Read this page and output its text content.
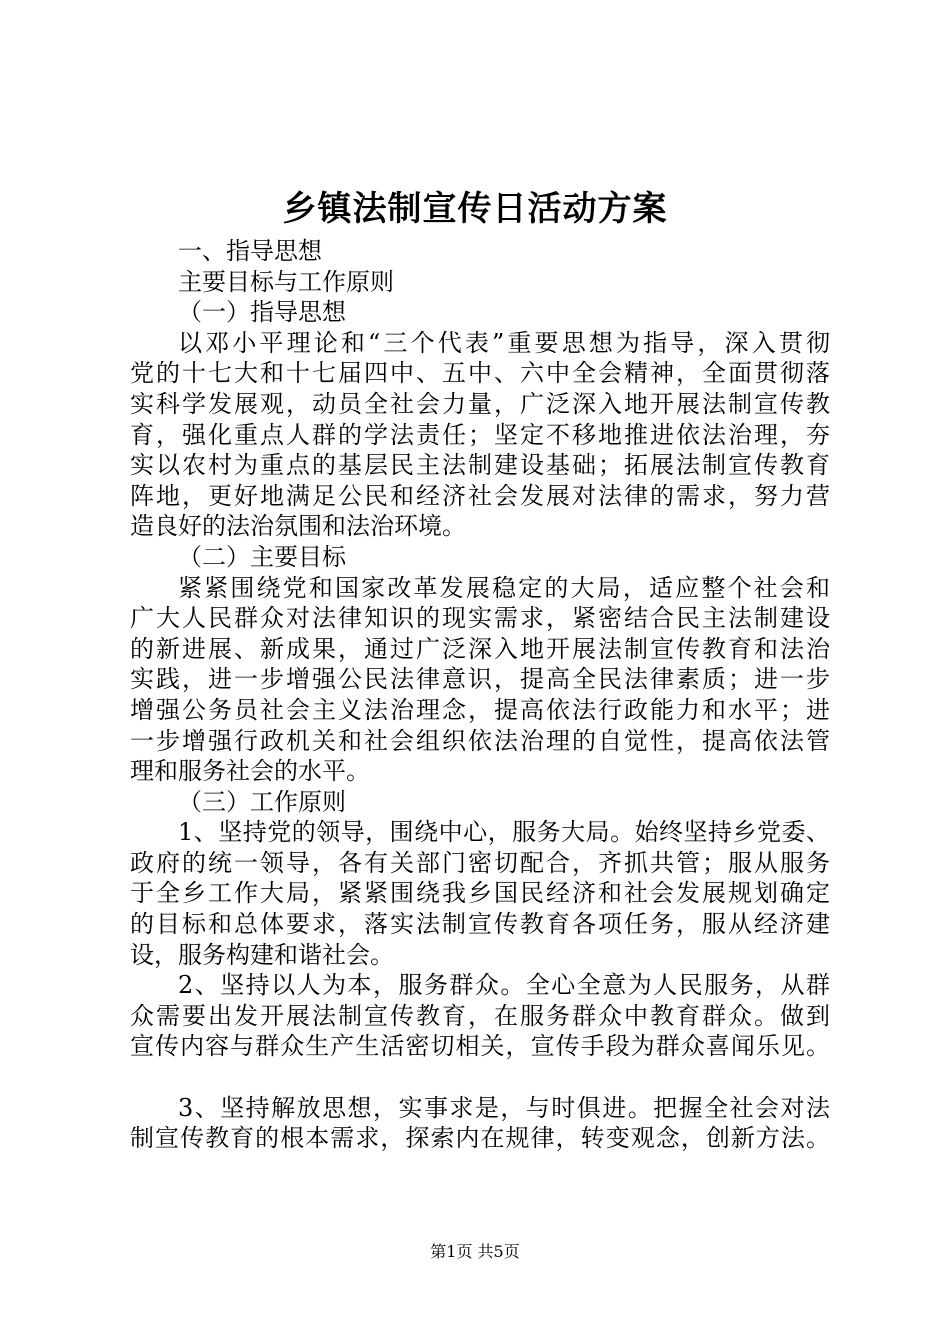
乡镇法制宣传日活动方案
一、指导思想
主要目标与工作原则
（一）指导思想
以邓小平理论和“三个代表”重要思想为指导，深入贯彻
党的十七大和十七届四中、五中、六中全会精神，全面贯彻落
实科学发展观，动员全社会力量，广泛深入地开展法制宣传教
育，强化重点人群的学法责任；坚定不移地推进依法治理，夯
实以农村为重点的基层民主法制建设基础；拓展法制宣传教育
阵地，更好地满足公民和经济社会发展对法律的需求，努力营
造良好的法治氛围和法治环境。
（二）主要目标
紧紧围绕党和国家改革发展稳定的大局，适应整个社会和
广大人民群众对法律知识的现实需求，紧密结合民主法制建设
的新进展、新成果，通过广泛深入地开展法制宣传教育和法治
实践，进一步增强公民法律意识，提高全民法律素质；进一步
增强公务员社会主义法治理念，提高依法行政能力和水平；进
一步增强行政机关和社会组织依法治理的自觉性，提高依法管
理和服务社会的水平。
（三）工作原则
1、坚持党的领导，围绕中心，服务大局。始终坚持乡党委、
政府的统一领导，各有关部门密切配合，齐抓共管；服从服务
于全乡工作大局，紧紧围绕我乡国民经济和社会发展规划确定
的目标和总体要求，落实法制宣传教育各项任务，服从经济建
设，服务构建和谐社会。
2、坚持以人为本，服务群众。全心全意为人民服务，从群
众需要出发开展法制宣传教育，在服务群众中教育群众。做到
宣传内容与群众生产生活密切相关，宣传手段为群众喜闻乐见。
3、坚持解放思想，实事求是，与时俱进。把握全社会对法
制宣传教育的根本需求，探索内在规律，转变观念，创新方法。
第1页 共5页
